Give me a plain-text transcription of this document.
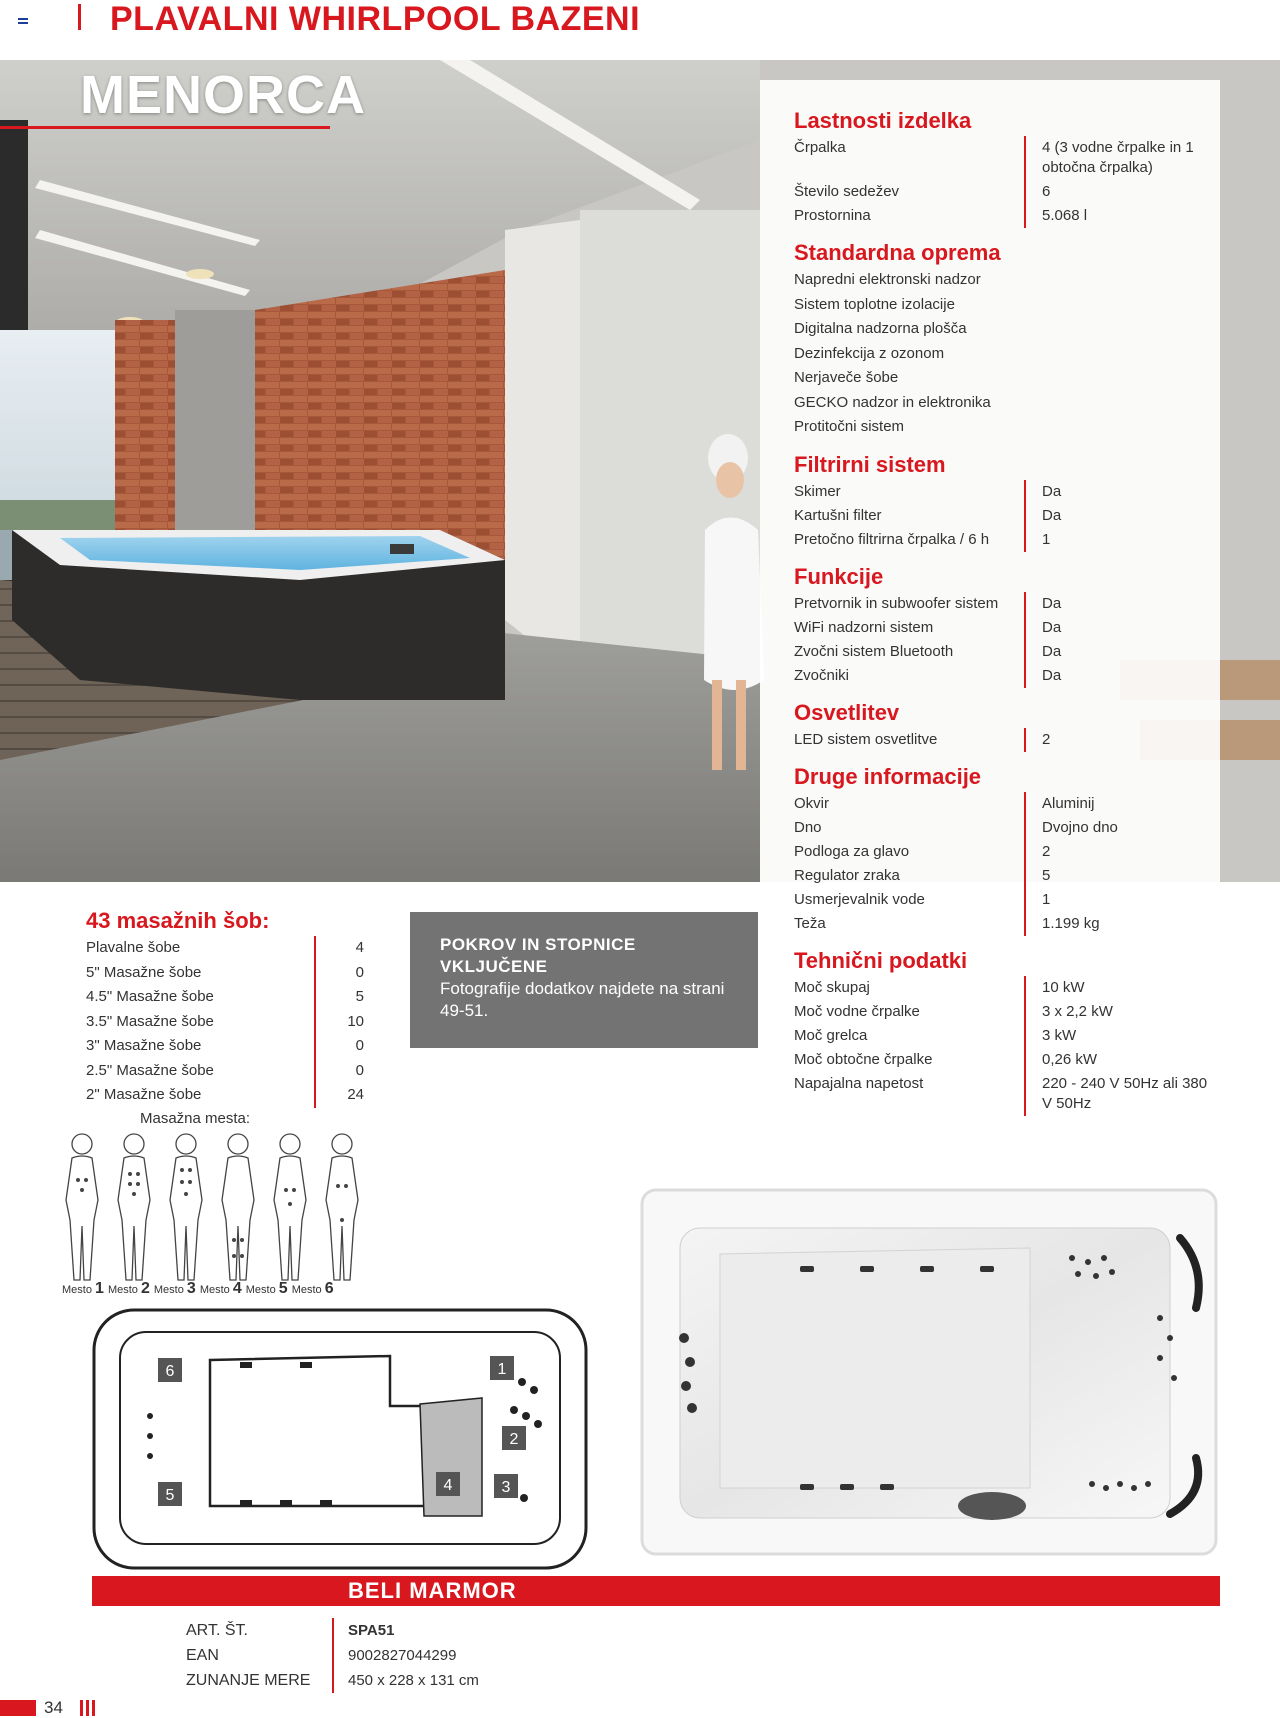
PLAVALNI WHIRLPOOL BAZENI
MENORCA	Lastnosti izdelka
Črpalka	4 (3 vodne črpalke in 1 obtočna črpalka)
Število sedežev	6
Prostornina	5.068 l
Standardna oprema
Napredni elektronski nadzor
Sistem toplotne izolacije
Digitalna nadzorna plošča
Dezinfekcija z ozonom
Nerjaveče šobe
GECKO nadzor in elektronika
Protitočni sistem
Filtrirni sistem
Skimer	Da
Kartušni filter	Da
Pretočno filtrirna črpalka / 6 h	1
Funkcije
Pretvornik in subwoofer sistem	Da
WiFi nadzorni sistem	Da
Zvočni sistem Bluetooth	Da
Zvočniki	Da
Osvetlitev
LED sistem osvetlitve	2
Druge informacije
Okvir	Aluminij
Dno	Dvojno dno
Podloga za glavo	2
Regulator zraka	5
Usmerjevalnik vode	1
Teža	1.199 kg
Tehnični podatki
Moč skupaj	10 kW
Moč vodne črpalke	3 x 2,2 kW
Moč grelca	3 kW
Moč obtočne črpalke	0,26 kW
Napajalna napetost	220 - 240 V 50Hz ali 380 V 50Hz
43 masažnih šob:
Plavalne šobe	4
5" Masažne šobe	0
4.5" Masažne šobe	5
3.5" Masažne šobe	10
3" Masažne šobe	0
2.5" Masažne šobe	0
2" Masažne šobe	24
Masažna mesta:
POKROV IN STOPNICE
VKLJUČENE
Fotografije dodatkov najdete na strani 49-51.
Mesto
1 Mesto
2 Mesto
3 Mesto
4 Mesto
5 Mesto
6
1
2
3
4
5
6
BELI MARMOR
ART. ŠT.	SPA51
EAN	9002827044299
ZUNANJE MERE	450 x 228 x 131 cm
34
